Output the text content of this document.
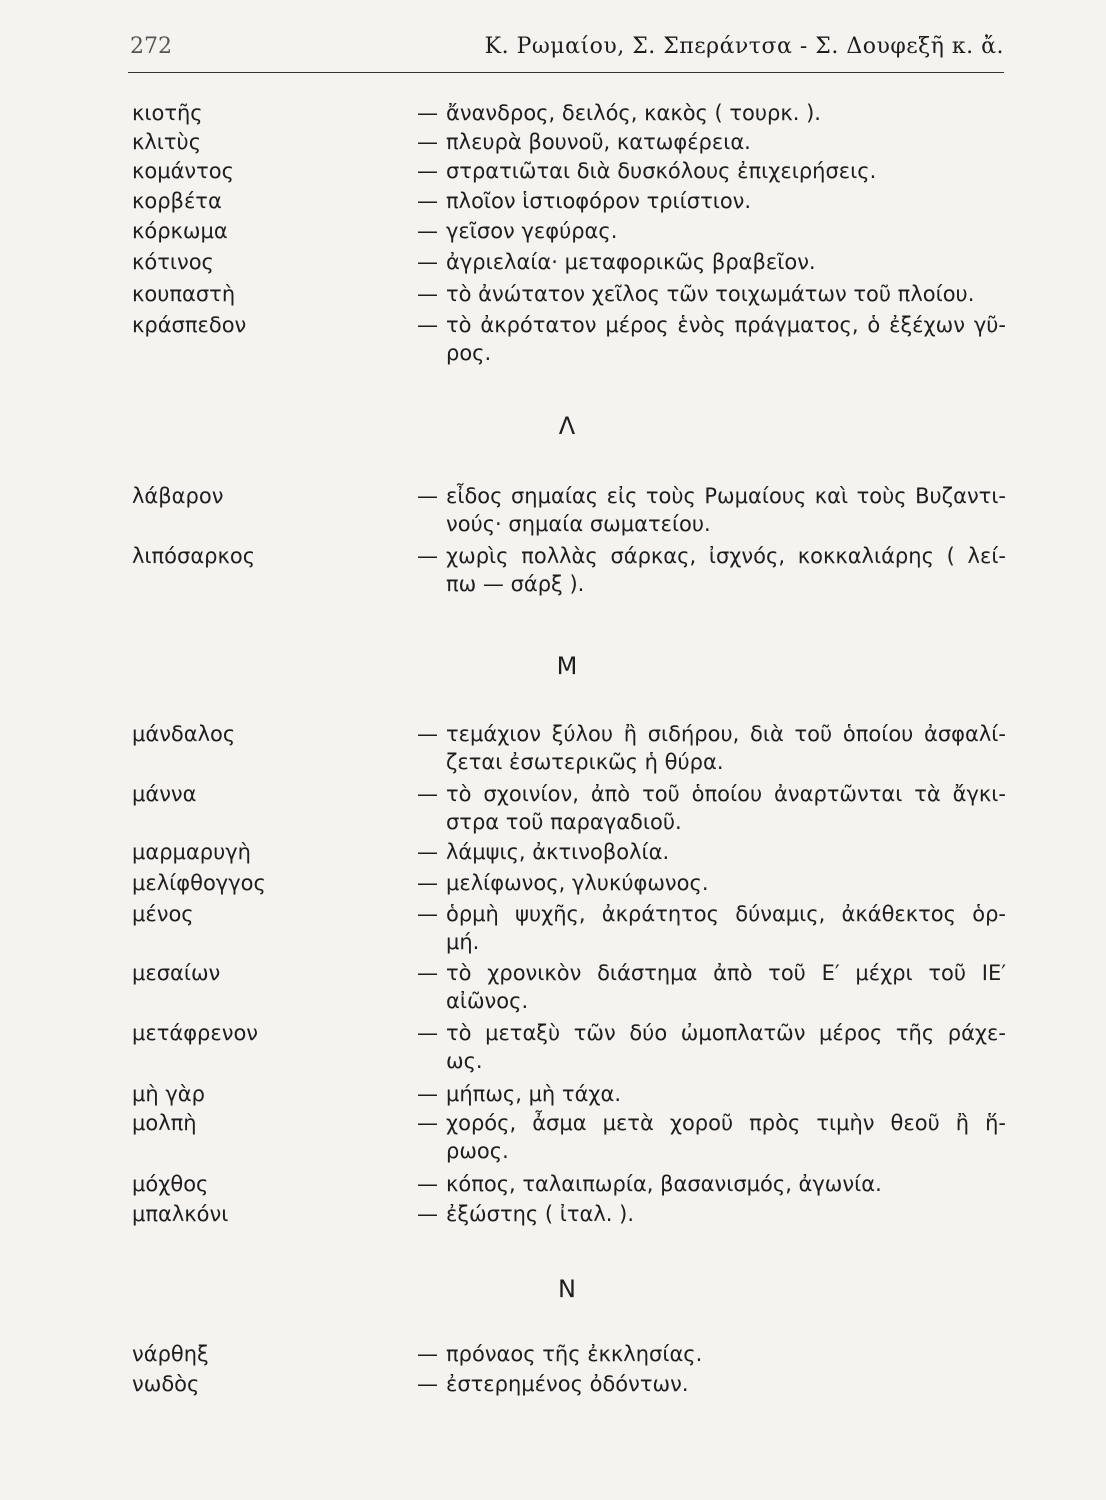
272	Κ. Ρωμαίου, Σ. Σπεράντσα - Σ. Δουφεξῆ κ. ἄ.
κιοτῆς	— ἄνανδρος, δειλός, κακὸς ( τουρκ. ).
κλιτὺς	— πλευρὰ βουνοῦ, κατωφέρεια.
κομάντος	— στρατιῶται διὰ δυσκόλους ἐπιχειρήσεις.
κορβέτα	— πλοῖον ἱστιοφόρον τριίστιον.
κόρκωμα	— γεῖσον γεφύρας.
κότινος	— ἀγριελαία· μεταφορικῶς βραβεῖον.
κουπαστὴ	— τὸ ἀνώτατον χεῖλος τῶν τοιχωμάτων τοῦ πλοίου.
κράσπεδον	— τὸ ἀκρότατον μέρος ἑνὸς πράγματος, ὁ ἐξέχων γῦ-
ρος.
Λ
λάβαρον	— εἶδος σημαίας εἰς τοὺς Ρωμαίους καὶ τοὺς Βυζαντι-
νούς· σημαία σωματείου.
λιπόσαρκος	— χωρὶς πολλὰς σάρκας, ἰσχνός, κοκκαλιάρης ( λεί-
πω — σάρξ ).
Μ
μάνδαλος	— τεμάχιον ξύλου ἢ σιδήρου, διὰ τοῦ ὁποίου ἀσφαλί-
ζεται ἐσωτερικῶς ἡ θύρα.
μάννα	— τὸ σχοινίον, ἀπὸ τοῦ ὁποίου ἀναρτῶνται τὰ ἄγκι-
στρα τοῦ παραγαδιοῦ.
μαρμαρυγὴ	— λάμψις, ἀκτινοβολία.
μελίφθογγος	— μελίφωνος, γλυκύφωνος.
μένος	— ὁρμὴ ψυχῆς, ἀκράτητος δύναμις, ἀκάθεκτος ὁρ-
μή.
μεσαίων	— τὸ χρονικὸν διάστημα ἀπὸ τοῦ Ε′ μέχρι τοῦ ΙΕ′
αἰῶνος.
μετάφρενον	— τὸ μεταξὺ τῶν δύο ὠμοπλατῶν μέρος τῆς ράχε-
ως.
μὴ γὰρ	— μήπως, μὴ τάχα.
μολπὴ	— χορός, ἆσμα μετὰ χοροῦ πρὸς τιμὴν θεοῦ ἢ ἥ-
ρωος.
μόχθος	— κόπος, ταλαιπωρία, βασανισμός, ἀγωνία.
μπαλκόνι	— ἐξώστης ( ἰταλ. ).
Ν
νάρθηξ	— πρόναος τῆς ἐκκλησίας.
νωδὸς	— ἐστερημένος ὀδόντων.
